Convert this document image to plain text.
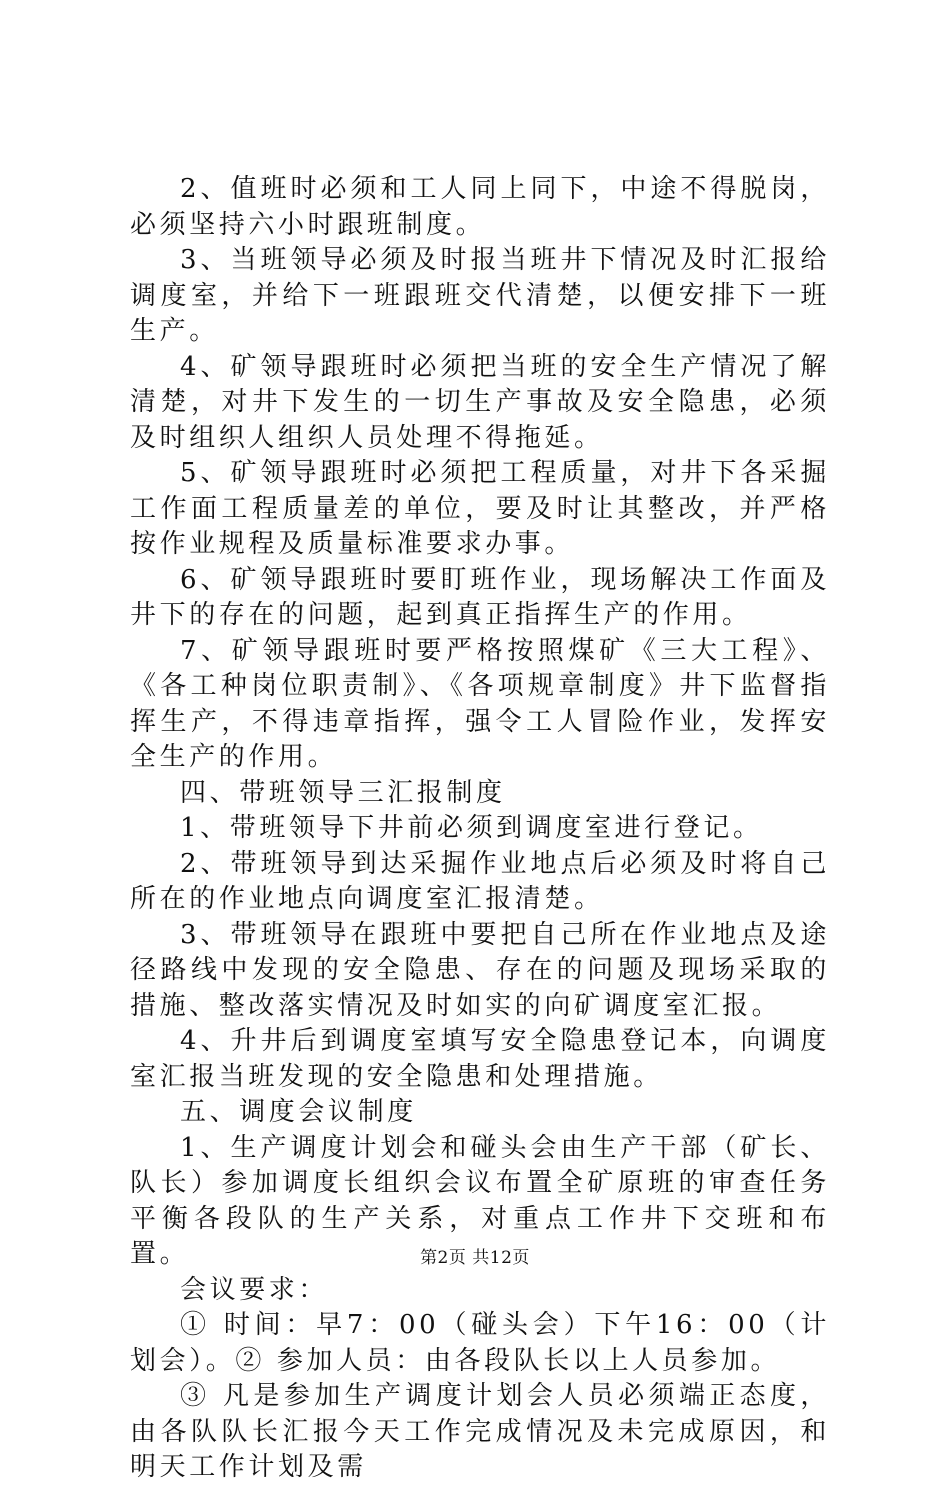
2、值班时必须和工人同上同下，中途不得脱岗，必须坚持六小时跟班制度。

3、当班领导必须及时报当班井下情况及时汇报给调度室，并给下一班跟班交代清楚，以便安排下一班生产。

4、矿领导跟班时必须把当班的安全生产情况了解清楚，对井下发生的一切生产事故及安全隐患，必须及时组织人组织人员处理不得拖延。

5、矿领导跟班时必须把工程质量，对井下各采掘工作面工程质量差的单位，要及时让其整改，并严格按作业规程及质量标准要求办事。

6、矿领导跟班时要盯班作业，现场解决工作面及井下的存在的问题，起到真正指挥生产的作用。

7、矿领导跟班时要严格按照煤矿《三大工程》、《各工种岗位职责制》、《各项规章制度》井下监督指挥生产，不得违章指挥，强令工人冒险作业，发挥安全生产的作用。

四、带班领导三汇报制度

1、带班领导下井前必须到调度室进行登记。

2、带班领导到达采掘作业地点后必须及时将自己所在的作业地点向调度室汇报清楚。

3、带班领导在跟班中要把自己所在作业地点及途径路线中发现的安全隐患、存在的问题及现场采取的措施、整改落实情况及时如实的向矿调度室汇报。

4、升井后到调度室填写安全隐患登记本，向调度室汇报当班发现的安全隐患和处理措施。

五、调度会议制度

1、生产调度计划会和碰头会由生产干部（矿长、队长）参加调度长组织会议布置全矿原班的审查任务平衡各段队的生产关系，对重点工作井下交班和布置。

会议要求：

① 时间：早7：00（碰头会）下午16：00（计划会）。② 参加人员：由各段队长以上人员参加。

③ 凡是参加生产调度计划会人员必须端正态度，由各队队长汇报今天工作完成情况及未完成原因，和明天工作计划及需

第2页 共12页
